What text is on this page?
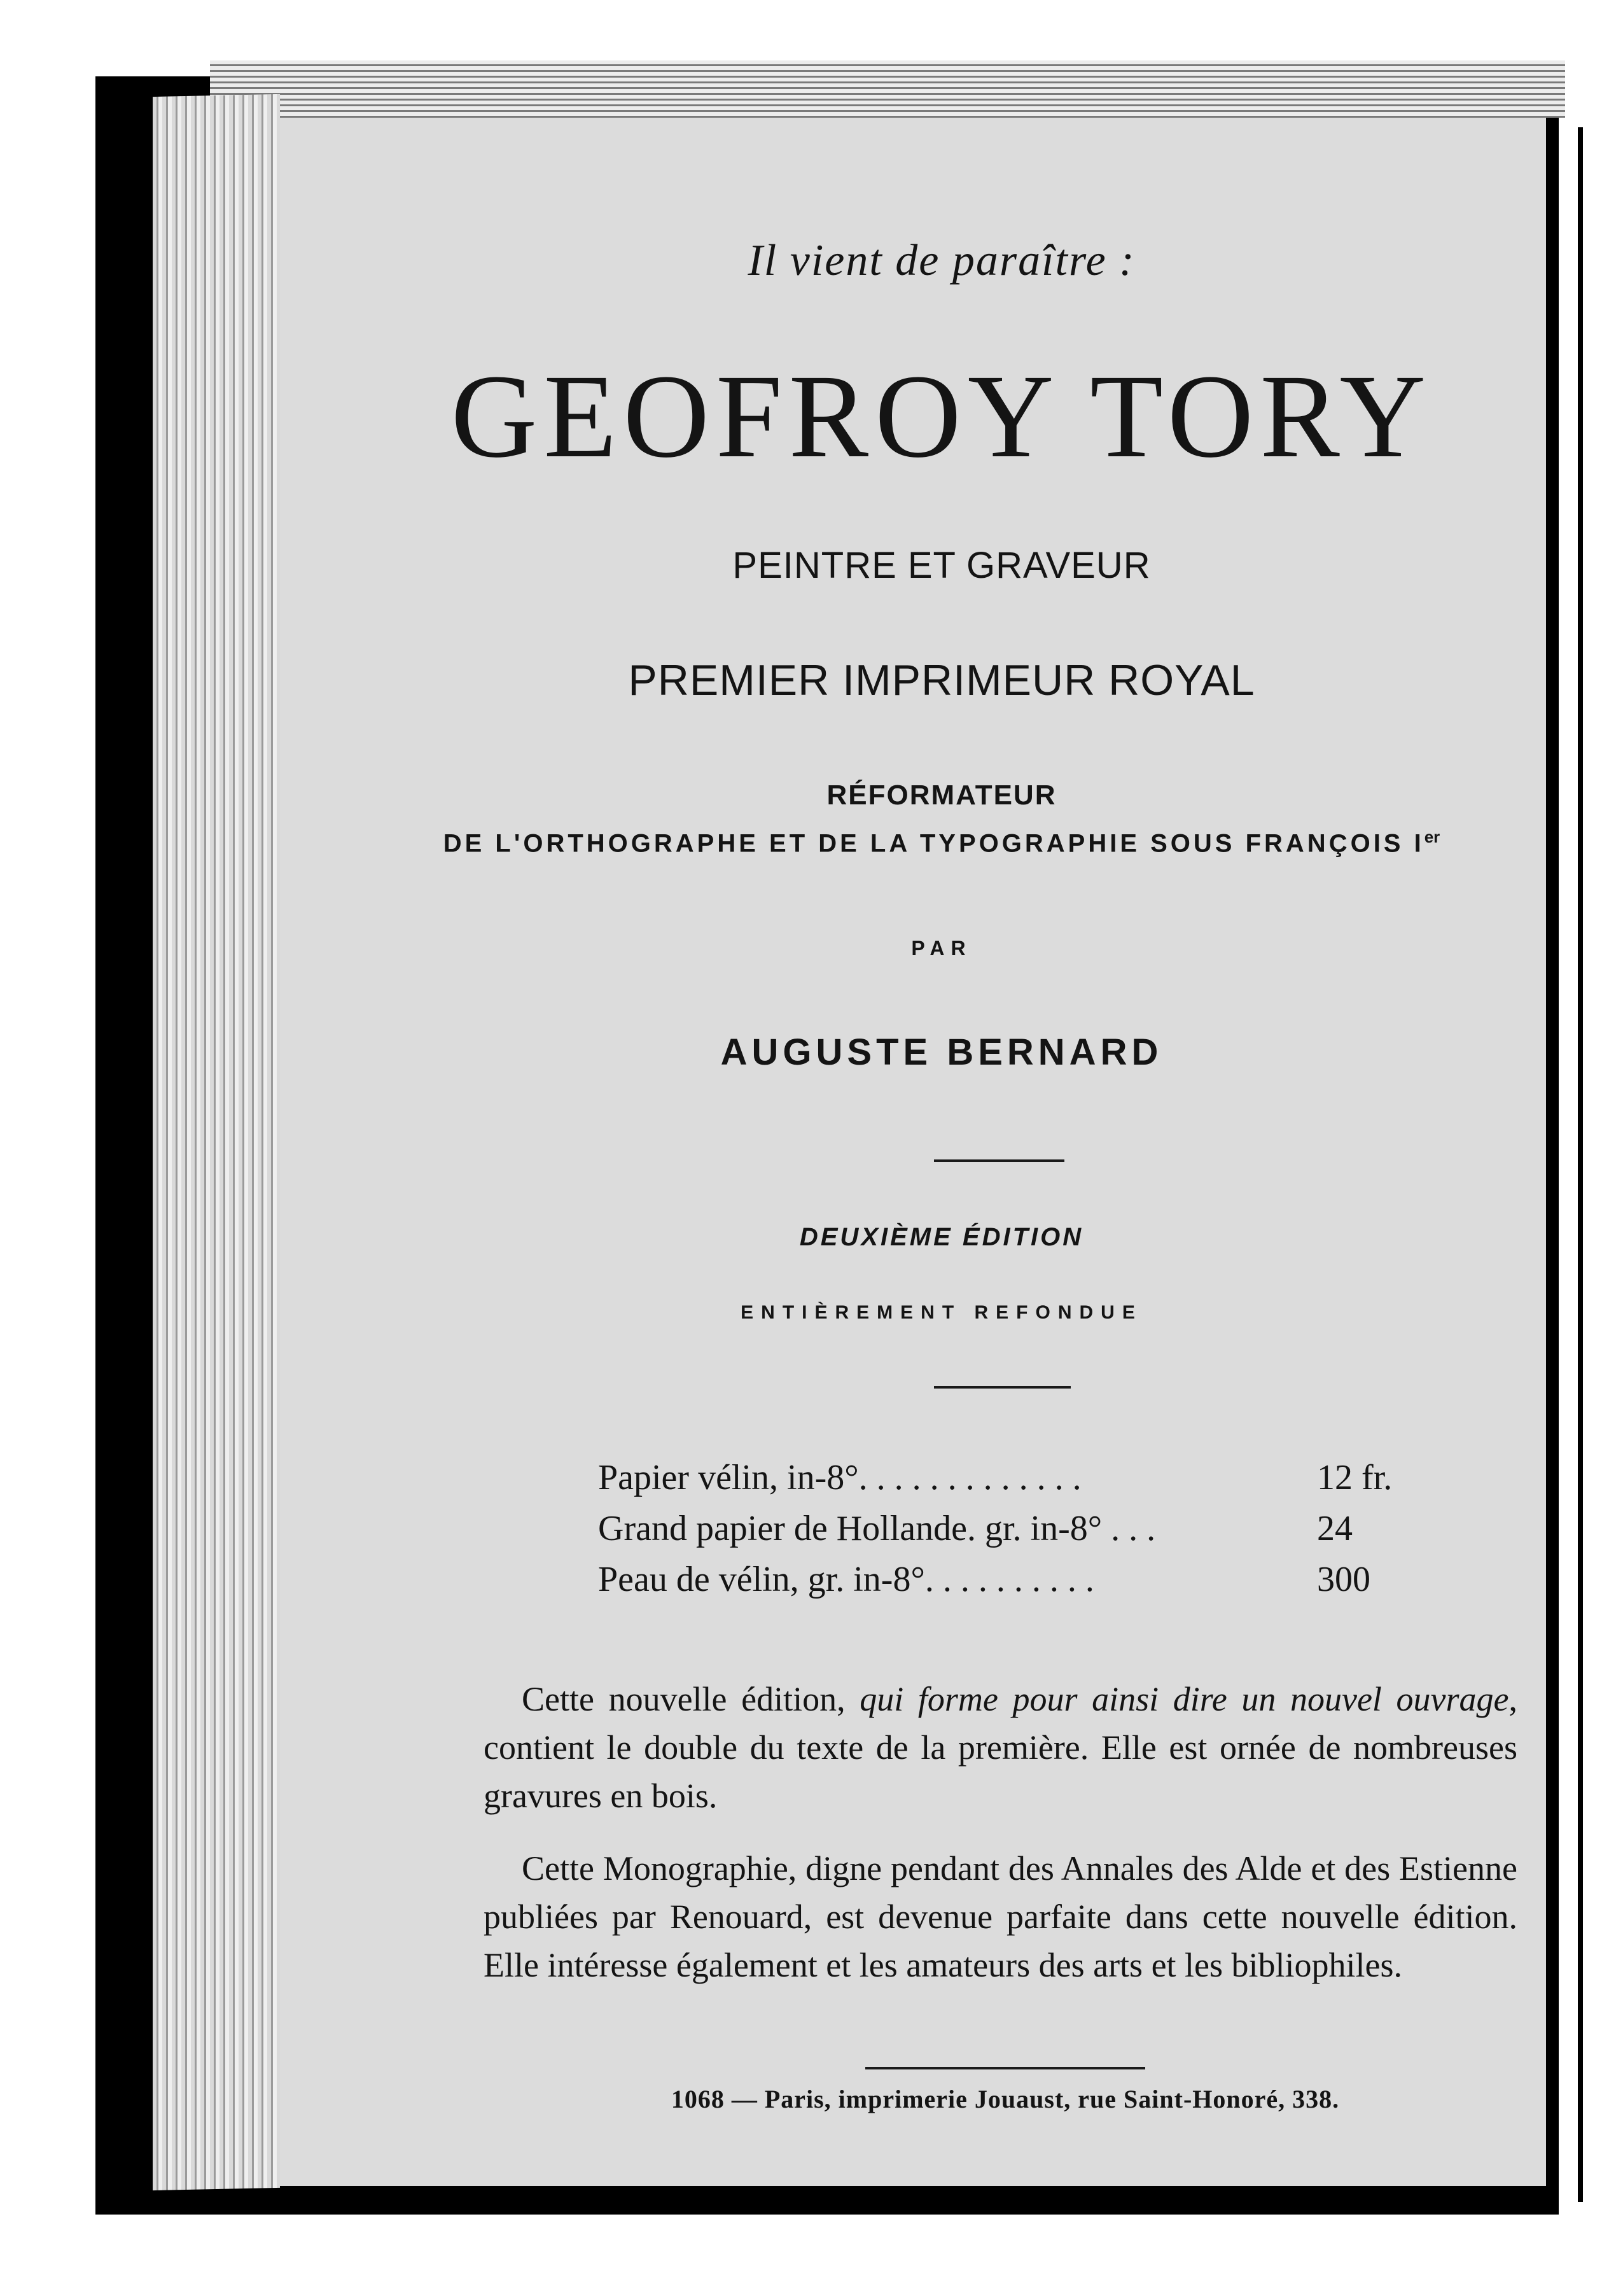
Il vient de paraître :
GEOFROY TORY
PEINTRE ET GRAVEUR
PREMIER IMPRIMEUR ROYAL
RÉFORMATEUR
DE L'ORTHOGRAPHE ET DE LA TYPOGRAPHIE SOUS FRANÇOIS Ier
PAR
AUGUSTE BERNARD
DEUXIÈME ÉDITION
ENTIÈREMENT REFONDUE
Papier vélin, in-8°. . . . . . . . . . . . .	12 fr.
Grand papier de Hollande. gr. in-8° . . .	24
Peau de vélin, gr. in-8°. . . . . . . . . .	300
Cette nouvelle édition, qui forme pour ainsi dire un nouvel ouvrage, contient le double du texte de la première. Elle est ornée de nombreuses gravures en bois.
Cette Monographie, digne pendant des Annales des Alde et des Estienne publiées par Renouard, est devenue parfaite dans cette nouvelle édition. Elle intéresse également et les amateurs des arts et les bibliophiles.
1068 — Paris, imprimerie Jouaust, rue Saint-Honoré, 338.
